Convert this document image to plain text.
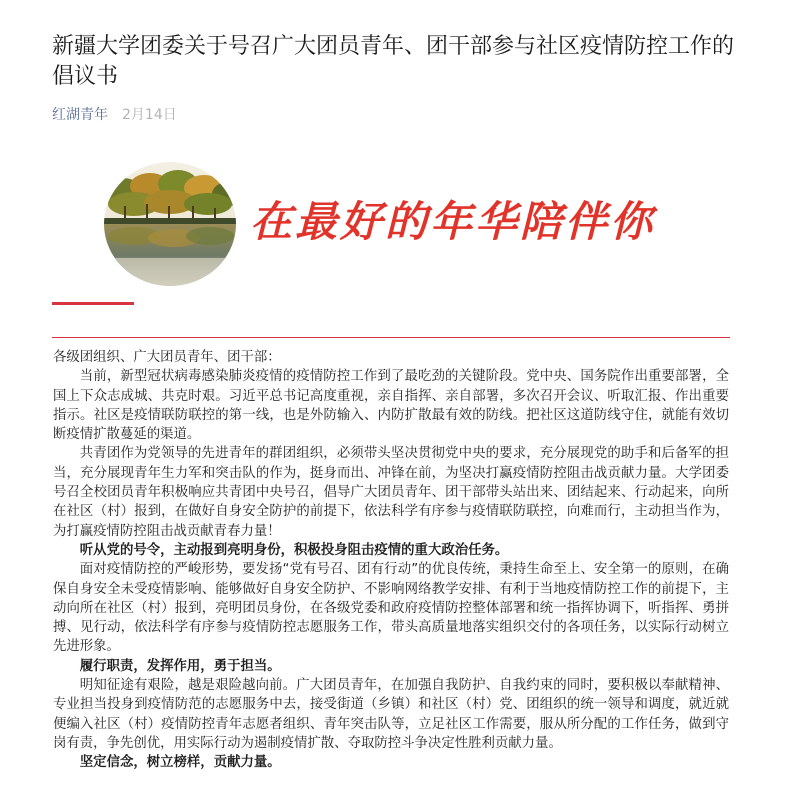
新疆大学团委关于号召广大团员青年、团干部参与社区疫情防控工作的倡议书
红湖青年 2月14日
在最好的年华陪伴你

各级团组织、广大团员青年、团干部：

当前，新型冠状病毒感染肺炎疫情的疫情防控工作到了最吃劲的关键阶段。党中央、国务院作出重要部署，全国上下众志成城、共克时艰。习近平总书记高度重视，亲自指挥、亲自部署，多次召开会议、听取汇报、作出重要指示。社区是疫情联防联控的第一线，也是外防输入、内防扩散最有效的防线。把社区这道防线守住，就能有效切断疫情扩散蔓延的渠道。

共青团作为党领导的先进青年的群团组织，必须带头坚决贯彻党中央的要求，充分展现党的助手和后备军的担当，充分展现青年生力军和突击队的作为，挺身而出、冲锋在前，为坚决打赢疫情防控阻击战贡献力量。大学团委号召全校团员青年积极响应共青团中央号召，倡导广大团员青年、团干部带头站出来、团结起来、行动起来，向所在社区（村）报到，在做好自身安全防护的前提下，依法科学有序参与疫情联防联控，向难而行，主动担当作为，为打赢疫情防控阻击战贡献青春力量！

听从党的号令，主动报到亮明身份，积极投身阻击疫情的重大政治任务。

面对疫情防控的严峻形势，要发扬“党有号召、团有行动”的优良传统，秉持生命至上、安全第一的原则，在确保自身安全未受疫情影响、能够做好自身安全防护、不影响网络教学安排、有利于当地疫情防控工作的前提下，主动向所在社区（村）报到，亮明团员身份，在各级党委和政府疫情防控整体部署和统一指挥协调下，听指挥、勇拼搏、见行动，依法科学有序参与疫情防控志愿服务工作，带头高质量地落实组织交付的各项任务，以实际行动树立先进形象。

履行职责，发挥作用，勇于担当。

明知征途有艰险，越是艰险越向前。广大团员青年，在加强自我防护、自我约束的同时，要积极以奉献精神、专业担当投身到疫情防范的志愿服务中去，接受街道（乡镇）和社区（村）党、团组织的统一领导和调度，就近就便编入社区（村）疫情防控青年志愿者组织、青年突击队等，立足社区工作需要，服从所分配的工作任务，做到守岗有责，争先创优，用实际行动为遏制疫情扩散、夺取防控斗争决定性胜利贡献力量。

坚定信念，树立榜样，贡献力量。
